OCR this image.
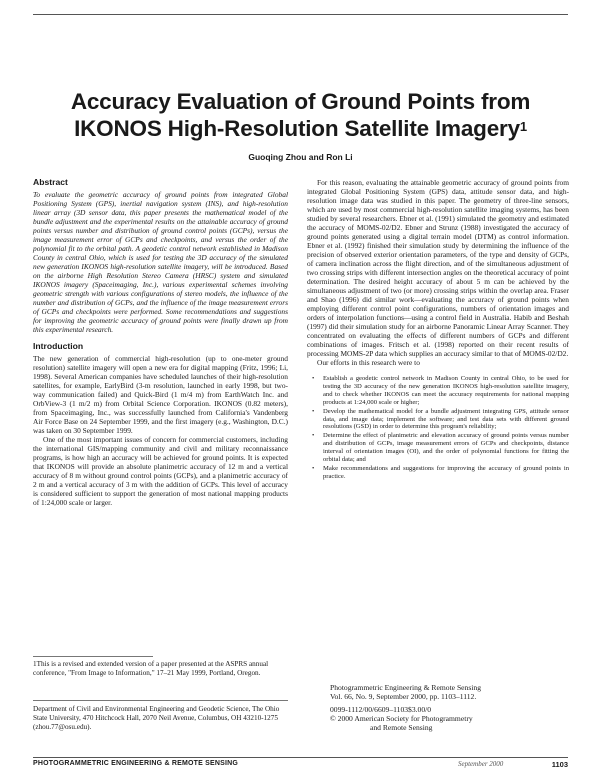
Accuracy Evaluation of Ground Points from
IKONOS High-Resolution Satellite Imagery$^1$
Guoqing Zhou and Ron Li
Abstract

To evaluate the geometric accuracy of ground points from integrated Global Positioning System (GPS), inertial navigation system (INS), and high-resolution linear array (3D sensor data, this paper presents the mathematical model of the bundle adjustment and the experimental results on the attainable accuracy of ground points versus number and distribution of ground control points (GCPs), versus the image measurement error of GCPs and checkpoints, and versus the order of the polynomial fit to the orbital path. A geodetic control network established in Madison County in central Ohio, which is used for testing the 3D accuracy of the simulated new generation IKONOS high-resolution satellite imagery, will be introduced. Based on the airborne High Resolution Stereo Camera (HRSC) system and simulated IKONOS imagery (Spaceimaging, Inc.), various experimental schemes involving geometric strength with various configurations of stereo models, the influence of the number and distribution of GCPs, and the influence of the image measurement errors of GCPs and checkpoints were performed. Some recommendations and suggestions for improving the geometric accuracy of ground points were finally drawn up from this experimental research.

Introduction

The new generation of commercial high-resolution (up to one-meter ground resolution) satellite imagery will open a new era for digital mapping (Fritz, 1996; Li, 1998). Several American companies have scheduled launches of their high-resolution satellites, for example, EarlyBird (3-m resolution, launched in early 1998, but two-way communication failed) and Quick-Bird (1 m/4 m) from EarthWatch Inc. and OrbView-3 (1 m/2 m) from Orbital Science Corporation. IKONOS (0.82 meters), from Spaceimaging, Inc., was successfully launched from California's Vandenberg Air Force Base on 24 September 1999, and the first imagery (e.g., Washington, D.C.) was taken on 30 September 1999.

One of the most important issues of concern for commercial customers, including the international GIS/mapping community and civil and military reconnaissance programs, is how high an accuracy will be achieved for ground points. It is expected that IKONOS will provide an absolute planimetric accuracy of 12 m and a vertical accuracy of 8 m without ground control points (GCPs), and a planimetric accuracy of 2 m and a vertical accuracy of 3 m with the addition of GCPs. This level of accuracy is considered sufficient to support the generation of most national mapping products of 1:24,000 scale or larger.

For this reason, evaluating the attainable geometric accuracy of ground points from integrated Global Positioning System (GPS) data, attitude sensor data, and high-resolution image data was studied in this paper. The geometry of three-line sensors, which are used by most commercial high-resolution satellite imaging systems, has been studied by several researchers. Ebner et al. (1991) simulated the geometry and estimated the accuracy of MOMS-02/D2. Ebner and Strunz (1988) investigated the accuracy of ground points generated using a digital terrain model (DTM) as control information. Ebner et al. (1992) finished their simulation study by determining the influence of the precision of observed exterior orientation parameters, of the type and density of GCPs, of camera inclination across the flight direction, and of the simultaneous adjustment of two crossing strips with different intersection angles on the theoretical accuracy of point determination. The desired height accuracy of about 5 m can be achieved by the simultaneous adjustment of two (or more) crossing strips within the overlap area. Fraser and Shao (1996) did similar work—evaluating the accuracy of ground points when employing different control point configurations, numbers of orientation images and orders of interpolation functions—using a control field in Australia. Habib and Beshah (1997) did their simulation study for an airborne Panoramic Linear Array Scanner. They concentrated on evaluating the effects of different numbers of GCPs and different combinations of images. Fritsch et al. (1998) reported on their recent results of processing MOMS-2P data which supplies an accuracy similar to that of MOMS-02/D2.

Our efforts in this research were to

• Establish a geodetic control network in Madison County in central Ohio, to be used for testing the 3D accuracy of the new generation IKONOS high-resolution satellite imagery, and to check whether IKONOS can meet the accuracy requirements for national mapping products at 1:24,000 scale or higher;
• Develop the mathematical model for a bundle adjustment integrating GPS, attitude sensor data, and image data; implement the software; and test data sets with different ground resolutions (GSD) in order to determine this program's reliability;
• Determine the effect of planimetric and elevation accuracy of ground points versus number and distribution of GCPs, image measurement errors of GCPs and checkpoints, distance interval of orientation images (OI), and the order of polynomial functions for fitting the orbital data; and
• Make recommendations and suggestions for improving the accuracy of ground points in practice.
1This is a revised and extended version of a paper presented at the ASPRS annual conference, "From Image to Information," 17–21 May 1999, Portland, Oregon.
Department of Civil and Environmental Engineering and Geodetic Science, The Ohio State University, 470 Hitchcock Hall, 2070 Neil Avenue, Columbus, OH 43210-1275 (zhou.77@osu.edu).

Photogrammetric Engineering & Remote Sensing

Vol. 66, No. 9, September 2000, pp. 1103–1112.

0099-1112/00/6609–1103$3.00/0

© 2000 American Society for Photogrammetry

and Remote Sensing

PHOTOGRAMMETRIC ENGINEERING & REMOTE SENSING	September 2000	1103
